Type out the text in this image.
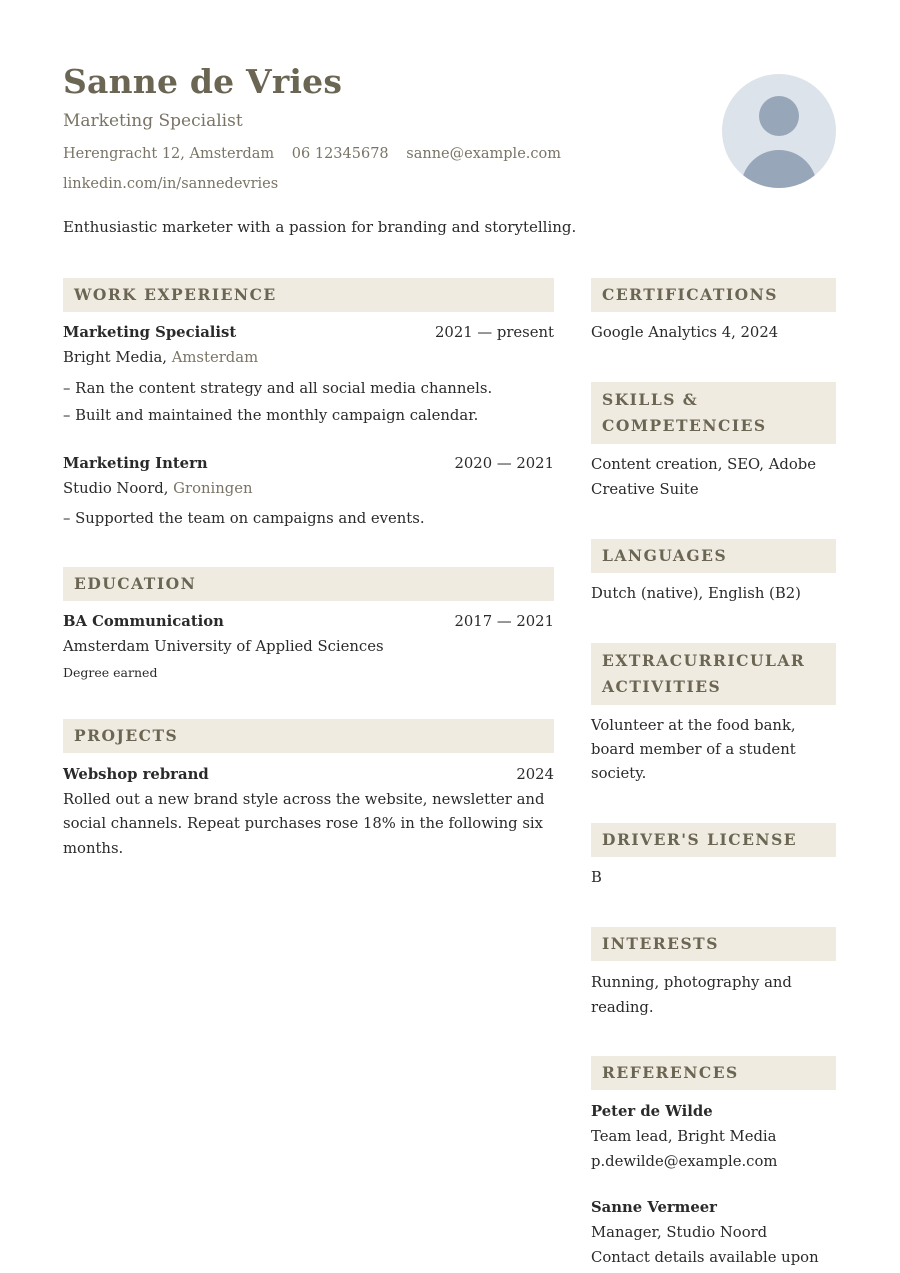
Sanne de Vries
Marketing Specialist
Herengracht 12, Amsterdam 06 12345678 sanne@example.com
linkedin.com/in/sannedevries
Enthusiastic marketer with a passion for branding and storytelling.
WORK EXPERIENCE
Marketing Specialist	2021 — present
Bright Media, Amsterdam
– Ran the content strategy and all social media channels.
– Built and maintained the monthly campaign calendar.
Marketing Intern	2020 — 2021
Studio Noord, Groningen
– Supported the team on campaigns and events.
EDUCATION
BA Communication	2017 — 2021
Amsterdam University of Applied Sciences
Degree earned
PROJECTS
Webshop rebrand	2024
Rolled out a new brand style across the website, newsletter and
social channels. Repeat purchases rose 18% in the following six
months.
CERTIFICATIONS
Google Analytics 4, 2024
SKILLS &
COMPETENCIES
Content creation, SEO, Adobe
Creative Suite
LANGUAGES
Dutch (native), English (B2)
EXTRACURRICULAR
ACTIVITIES
Volunteer at the food bank,
board member of a student
society.
DRIVER'S LICENSE
B
INTERESTS
Running, photography and
reading.
REFERENCES
Peter de Wilde
Team lead, Bright Media
p.dewilde@example.com
Sanne Vermeer
Manager, Studio Noord
Contact details available upon
